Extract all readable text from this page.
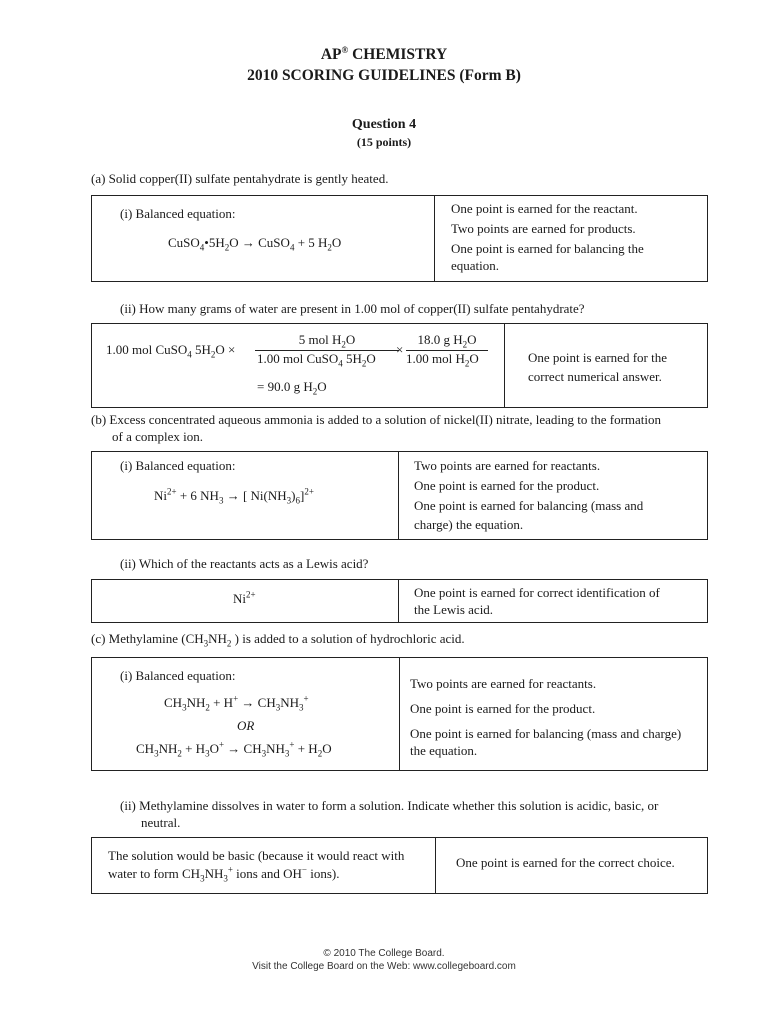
AP® CHEMISTRY
2010 SCORING GUIDELINES (Form B)
Question 4
(15 points)
(a) Solid copper(II) sulfate pentahydrate is gently heated.
(i) Balanced equation:
$CuSO_4•5H_2O$ → CuSO$_4$ + 5 $H_2O$
One point is earned for the reactant.
Two points are earned for products.
One point is earned for balancing the
equation.
(ii) How many grams of water are present in 1.00 mol of copper(II) sulfate pentahydrate?
1.00 mol CuSO$_4$ $5H_2O$ ×
5 mol $H_2O$
1.00 mol CuSO$_4$ $5H_2O$
×
18.0 g $H_2O$
1.00 mol $H_2O$
= 90.0 g $H_2O$
One point is earned for the
correct numerical answer.
(b) Excess concentrated aqueous ammonia is added to a solution of nickel(II) nitrate, leading to the formation
of a complex ion.
(i) Balanced equation:
$Ni^{2+} + 6$ $NH_3$ → [ $Ni(NH_3)_6]^{2+}$
Two points are earned for reactants.
One point is earned for the product.
One point is earned for balancing (mass and
charge) the equation.
(ii) Which of the reactants acts as a Lewis acid?
$Ni^{2+}$	One point is earned for correct identification of
the Lewis acid.
(c) Methylamine ($CH_3NH_2$ ) is added to a solution of hydrochloric acid.
(i) Balanced equation:
$CH_3NH_2 + H^+ \to CH_3NH_3^+$
OR
$CH_3NH_2 + H_3O^+ \to CH_3NH_3^+ + H_2O$
Two points are earned for reactants.
One point is earned for the product.
One point is earned for balancing (mass and charge)
the equation.
(ii) Methylamine dissolves in water to form a solution. Indicate whether this solution is acidic, basic, or
neutral.
The solution would be basic (because it would react with
water to form $CH_3NH_3^+$ ions and OH− ions).
One point is earned for the correct choice.
© 2010 The College Board.
Visit the College Board on the Web: www.collegeboard.com
